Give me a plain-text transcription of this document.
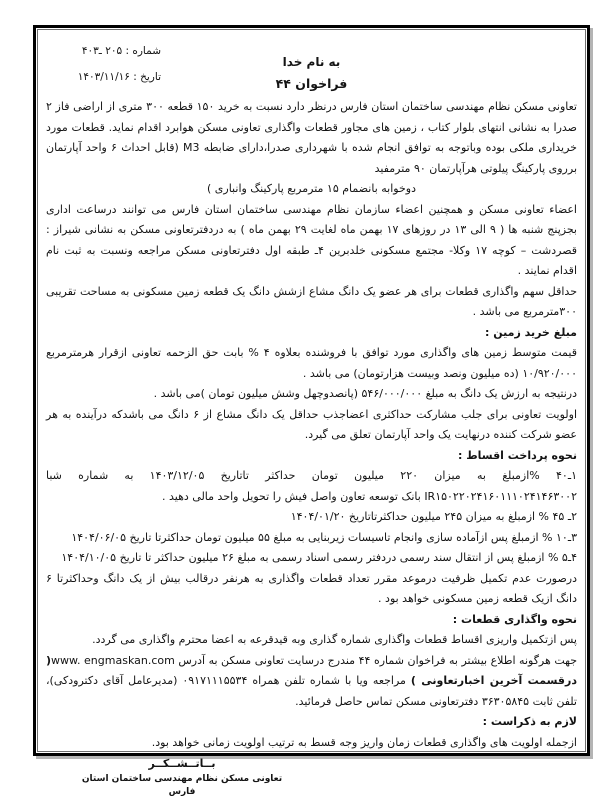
شماره : ۲۰۵ ـ۴۰۳
تاریخ : ۱۴۰۳/۱۱/۱۶
به نام خدا
فراخوان ۴۴

تعاونی مسکن نظام مهندسی ساختمان استان فارس درنظر دارد نسبت به خرید ۱۵۰ قطعه ۳۰۰ متری از اراضی فاز ۲ صدرا به نشانی انتهای بلوار کتاب ، زمین های مجاور قطعات واگذاری تعاونی مسکن هوابرد اقدام نماید. قطعات مورد خریداری ملکی بوده وباتوجه به توافق انجام شده با شهرداری صدرا،دارای ضابطه M3 (قابل احداث ۶ واحد آپارتمان برروی پارکینگ پیلوتی هرآپارتمان ۹۰ مترمفید

دوخوابه بانضمام ۱۵ مترمربع پارکینگ وانباری )

اعضاء تعاونی مسکن و همچنین اعضاء سازمان نظام مهندسی ساختمان استان فارس می توانند درساعت اداری بجزپنج شنبه ها ( ۹ الی ۱۳ در روزهای ۱۷ بهمن ماه لغایت ۲۹ بهمن ماه ) به دردفترتعاونی مسکن به نشانی شیراز : قصردشت – کوچه ۱۷ وکلا- مجتمع مسکونی خلدبرین ۴ـ طبقه اول دفترتعاونی مسکن مراجعه ونسبت به ثبت نام اقدام نمایند .

حداقل سهم واگذاری قطعات برای هر عضو یک دانگ مشاع ازشش دانگ یک قطعه زمین مسکونی به مساحت تقریبی ۳۰۰مترمربع می باشد .

مبلغ خرید زمین :

قیمت متوسط زمین های واگذاری مورد توافق با فروشنده بعلاوه ۴ % بابت حق الزحمه تعاونی ازقرار هرمترمربع ۱۰/۹۲۰/۰۰۰ (ده میلیون ونصد وبیست هزارتومان) می باشد .

درنتیجه به ارزش یک دانگ به مبلغ ۵۴۶/۰۰۰/۰۰۰ (پانصدوچهل وشش میلیون تومان )می باشد .

اولویت تعاونی برای جلب مشارکت حداکثری اعضاجذب حداقل یک دانگ مشاع از ۶ دانگ می باشدکه درآینده به هر عضو شرکت کننده درنهایت یک واحد آپارتمان تعلق می گیرد.

نحوه پرداخت اقساط :

۱ـ۴۰ %ازمبلغ به میزان ۲۲۰ میلیون تومان حداکثر تاتاریخ ۱۴۰۳/۱۲/۰۵ به شماره شبا IR۱۵۰۲۲۰۲۴۱۶۰۱۱۱۰۲۴۱۴۶۳۰۰۲ بانک توسعه تعاون واصل فیش را تحویل واحد مالی دهید .

۲ـ ۴۵ % ازمبلغ به میزان ۲۴۵ میلیون حداکثرتاتاریخ ۱۴۰۴/۰۱/۲۰

۳ـ۱۰ % ازمبلغ پس ازآماده سازی وانجام تاسیسات زیربنایی به مبلغ ۵۵ میلیون تومان حداکثرتا تاریخ ۱۴۰۴/۰۶/۰۵

۴ـ۵ % ازمبلغ پس از انتقال سند رسمی دردفتر رسمی اسناد رسمی به مبلغ ۲۶ میلیون حداکثر تا تاریخ ۱۴۰۴/۱۰/۰۵

درصورت عدم تکمیل ظرفیت درموعد مقرر تعداد قطعات واگذاری به هرنفر درقالب بیش از یک دانگ وحداکثرتا ۶ دانگ ازیک قطعه زمین مسکونی خواهد بود .

نحوه واگذاری قطعات :

پس ازتکمیل واریزی اقساط قطعات واگذاری شماره گذاری وبه قیدقرعه به اعضا محترم واگذاری می گردد.

جهت هرگونه اطلاع بیشتر به فراخوان شماره ۴۴ مندرج درسایت تعاونی مسکن به آدرس www. engmaskan.com( درقسمت آخرین اخبارتعاونی ) مراجعه ویا با شماره تلفن همراه ۰۹۱۷۱۱۱۵۵۳۴ (مدیرعامل آقای دکترودکی)، تلفن ثابت ۳۶۳۰۵۸۴۵ دفترتعاونی مسکن تماس حاصل فرمائید.

لازم به ذکراست :

ازجمله اولویت های واگذاری قطعات زمان واریز وجه قسط به ترتیب اولویت زمانی خواهد بود.

بــاتــشــکــر
تعاونی مسکن نظام مهندسی ساختمان استان فارس
